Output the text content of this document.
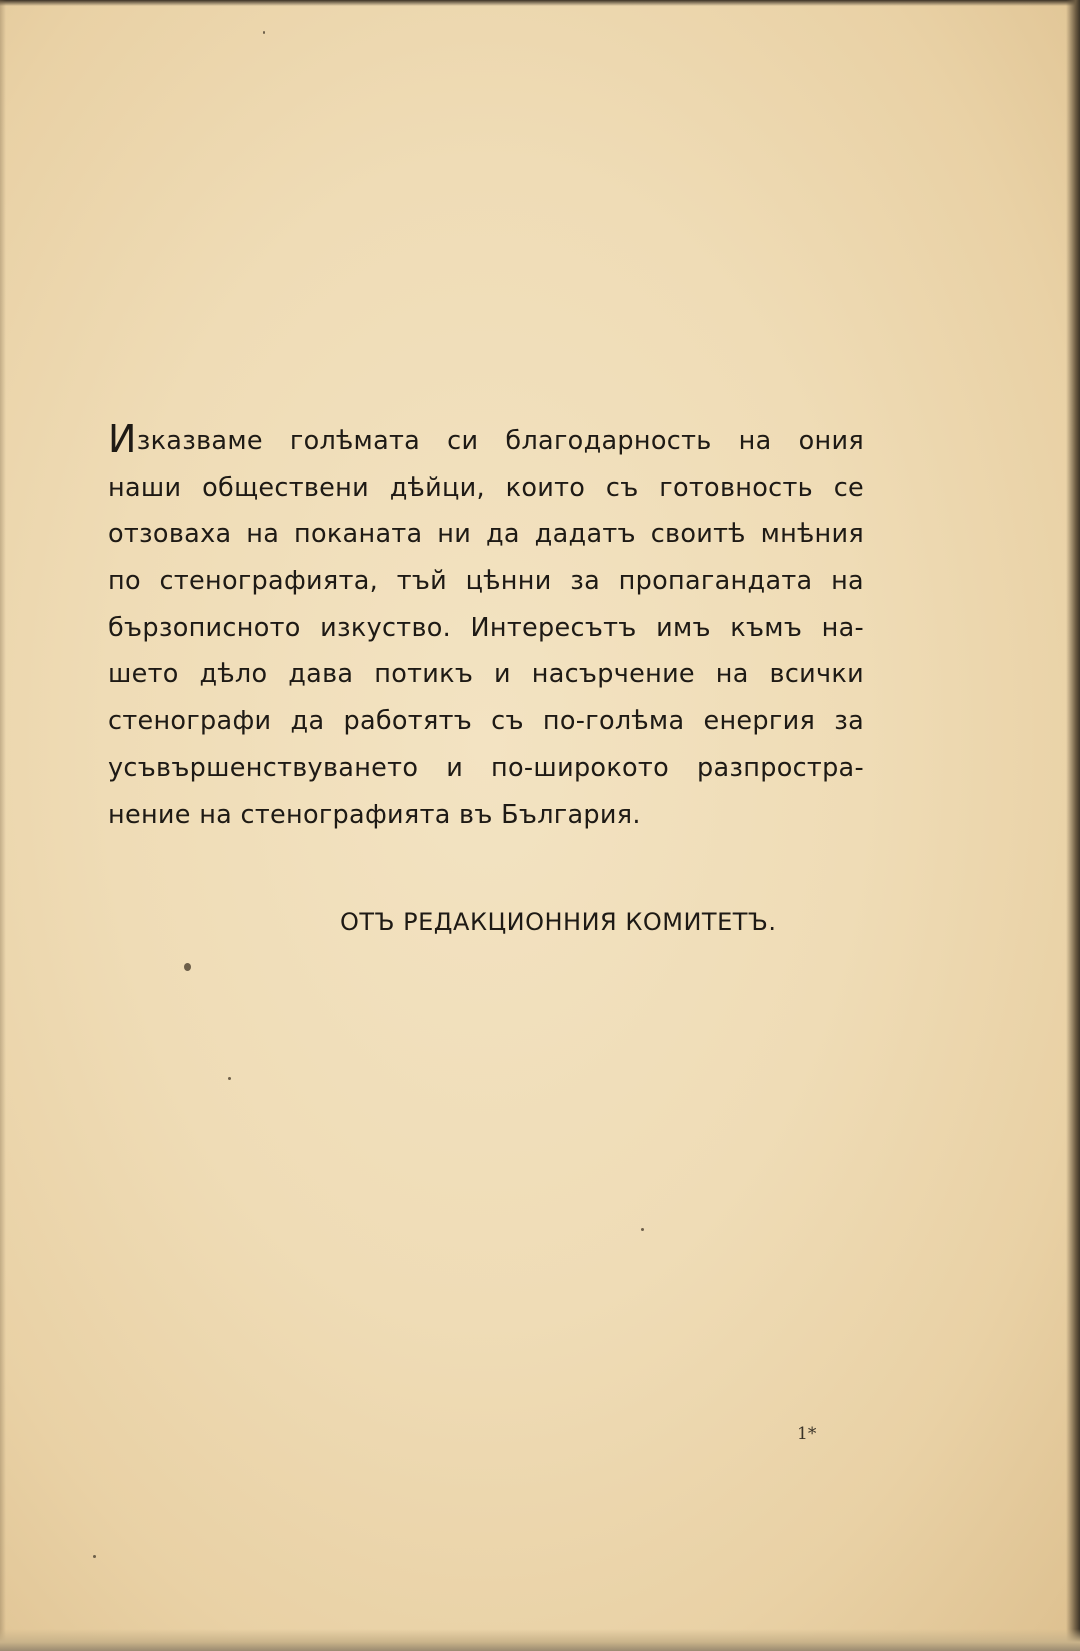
Изказваме голѣмата си благодарность на ония
наши обществени дѣйци, които съ готовность се
отзоваха на поканата ни да дадатъ своитѣ мнѣния
по стенографията, тъй цѣнни за пропагандата на
бързописното изкуство. Интересътъ имъ къмъ на-
шето дѣло дава потикъ и насърчение на всички
стенографи да работятъ съ по-голѣма енергия за
усъвършенствуването и по-широкото разпростра-
нение на стенографията въ България.
ОТЪ РЕДАКЦИОННИЯ КОМИТЕТЪ.
1*
